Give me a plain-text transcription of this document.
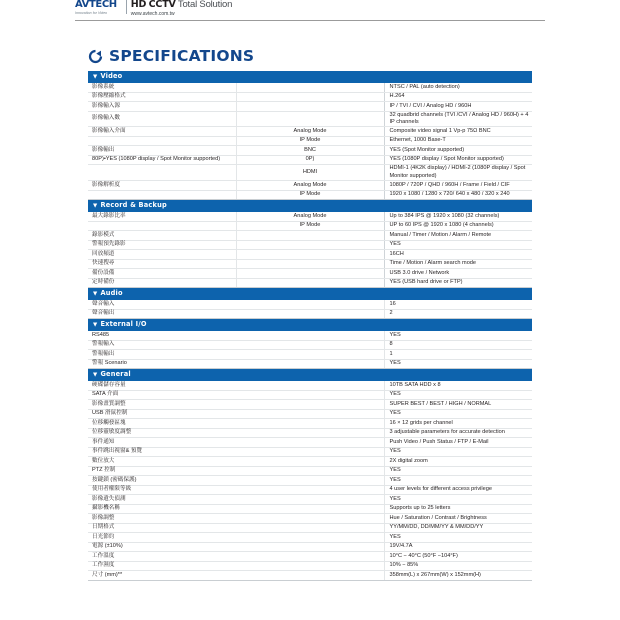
AVTECH
Innovation for Video
HD CCTV Total Solution
www.avtech.com.tw
SPECIFICATIONS
▼ Video		
影像系統		NTSC / PAL (auto detection)
影像壓縮格式		H.264
影像輸入源		IP / TVI / CVI / Analog HD / 960H
影像輸入數		32 quadbrid channels (TVI /CVI / Analog HD / 960H) + 4 IP channels
影像輸入介面	Analog Mode	Composite video signal 1 Vp-p 75Ω BNC
	IP Mode	Ethernet, 1000 Base-T
影像輸出	BNC	YES (Spot Monitor supported)
80P)•YES (1080P display / Spot Monitor supported)	0P)	YES (1080P display / Spot Monitor supported)
	HDMI	HDMI-1 (4K2K display) / HDMI-2 (1080P display / Spot Monitor supported)
影像解析度	Analog Mode	1080P / 720P / QHD / 960H / Frame / Field / CIF
	IP Mode	1920 x 1080 / 1280 x 720/ 640 x 480 / 320 x 240
▼ Record & Backup		
最大錄影比率	Analog Mode	Up to 384 IPS @ 1920 x 1080 (32 channels)
	IP Mode	UP to 60 IPS @ 1920 x 1080 (4 channels)
錄影模式		Manual / Timer / Motion / Alarm / Remote
警報預先錄影		YES
回放頻道		16CH
快速搜尋		Time / Motion / Alarm search mode
備份設備		USB 3.0 drive / Network
定時備份		YES (USB hard drive or FTP)
▼ Audio		
聲音輸入		16
聲音輸出		2
▼ External I/O		
RS485		YES
警報輸入		8
警報輸出		1
警報 Scenario		YES
▼ General		
硬碟儲存容量		10TB SATA HDD x 8
SATA 介面		YES
影像畫質調整		SUPER BEST / BEST / HIGH / NORMAL
USB 滑鼠控制		YES
位移觸發區塊		16 × 12 grids per channel
位移靈敏度調整		3 adjustable parameters for accurate detection
事件通知		Push Video / Push Status / FTP / E-Mail
事件跳出視窗& 預覽		YES
數位放大		2X digital zoom
PTZ 控制		YES
按鍵鎖 (密碼保護)		YES
使用者權限等級		4 user levels for different access privilege
影像遺失偵測		YES
攝影機名稱		Supports up to 25 letters
影像調整		Hue / Saturation / Contrast / Brightness
日期格式		YY/MM/DD, DD/MM/YY & MM/DD/YY
日光節約		YES
電源 (±10%)		19V/4.7A
工作溫度		10°C − 40°C (50°F −104°F)
工作濕度		10% − 85%
尺寸 (mm)**		358mm(L) x 267mm(W) x 152mm(H)
